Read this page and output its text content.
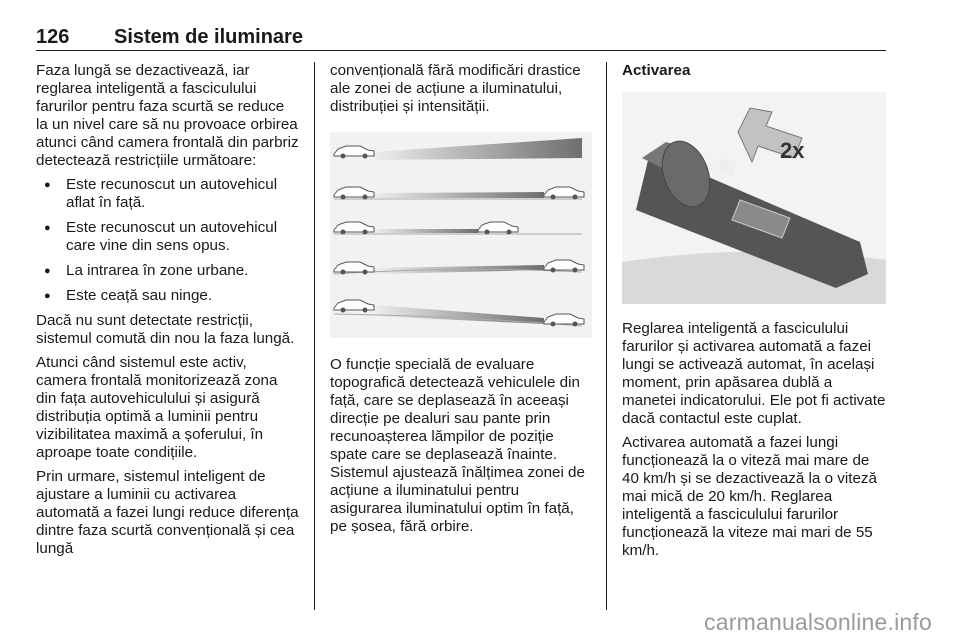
126 Sistem de iluminare

Faza lungă se dezactivează, iar reglarea inteligentă a fasciculului farurilor pentru faza scurtă se reduce la un nivel care să nu provoace orbirea atunci când camera frontală din parbriz detectează restricțiile următoare:

● Este recunoscut un autovehicul aflat în față.
● Este recunoscut un autovehicul care vine din sens opus.
● La intrarea în zone urbane.
● Este ceață sau ninge.

Dacă nu sunt detectate restricții, sistemul comută din nou la faza lungă.

Atunci când sistemul este activ, camera frontală monitorizează zona din fața autovehiculului și asigură distribuția optimă a luminii pentru vizibilitatea maximă a șoferului, în aproape toate condițiile.

Prin urmare, sistemul inteligent de ajustare a luminii cu activarea automată a fazei lungi reduce diferența dintre faza scurtă convențională și cea lungă

convențională fără modificări drastice ale zonei de acțiune a iluminatului, distribuției și intensității.

O funcție specială de evaluare topografică detectează vehiculele din față, care se deplasează în aceeași direcție pe dealuri sau pante prin recunoașterea lămpilor de poziție spate care se deplasează înainte. Sistemul ajustează înălțimea zonei de acțiune a iluminatului pentru asigurarea iluminatului optim în față, pe șosea, fără orbire.

Activarea

2x

Reglarea inteligentă a fasciculului farurilor și activarea automată a fazei lungi se activează automat, în același moment, prin apăsarea dublă a manetei indicatorului. Ele pot fi activate dacă contactul este cuplat.

Activarea automată a fazei lungi funcționează la o viteză mai mare de 40 km/h și se dezactivează la o viteză mai mică de 20 km/h. Reglarea inteligentă a fasciculului farurilor funcționează la viteze mai mari de 55 km/h.

carmanualsonline.info
